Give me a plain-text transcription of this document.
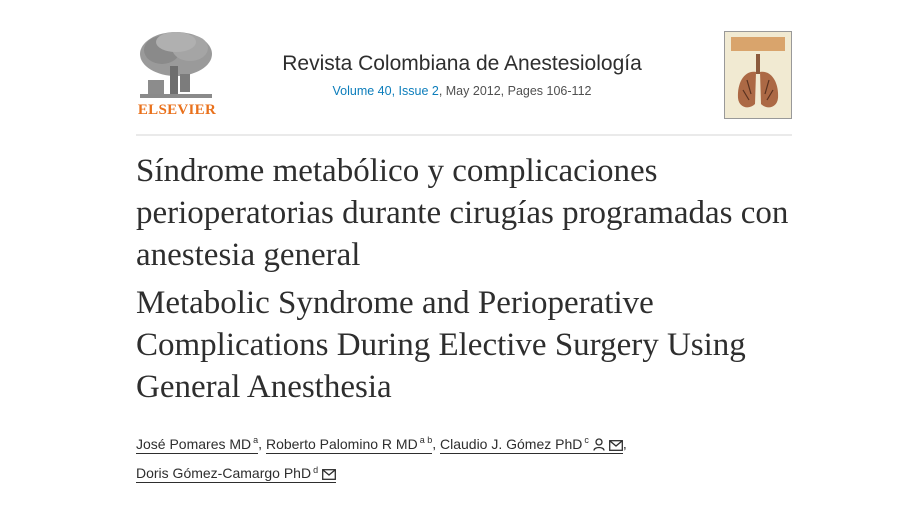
ELSEVIER
Revista Colombiana de Anestesiología
Volume 40, Issue 2, May 2012, Pages 106-112
Síndrome metabólico y complicaciones perioperatorias durante cirugías programadas con anestesia general
Metabolic Syndrome and Perioperative Complications During Elective Surgery Using General Anesthesia
José Pomares MD $^a$, Roberto Palomino R MD $^{a b}$, Claudio J. Gómez PhD $^c$ ,
Doris Gómez-Camargo PhD $^d$
